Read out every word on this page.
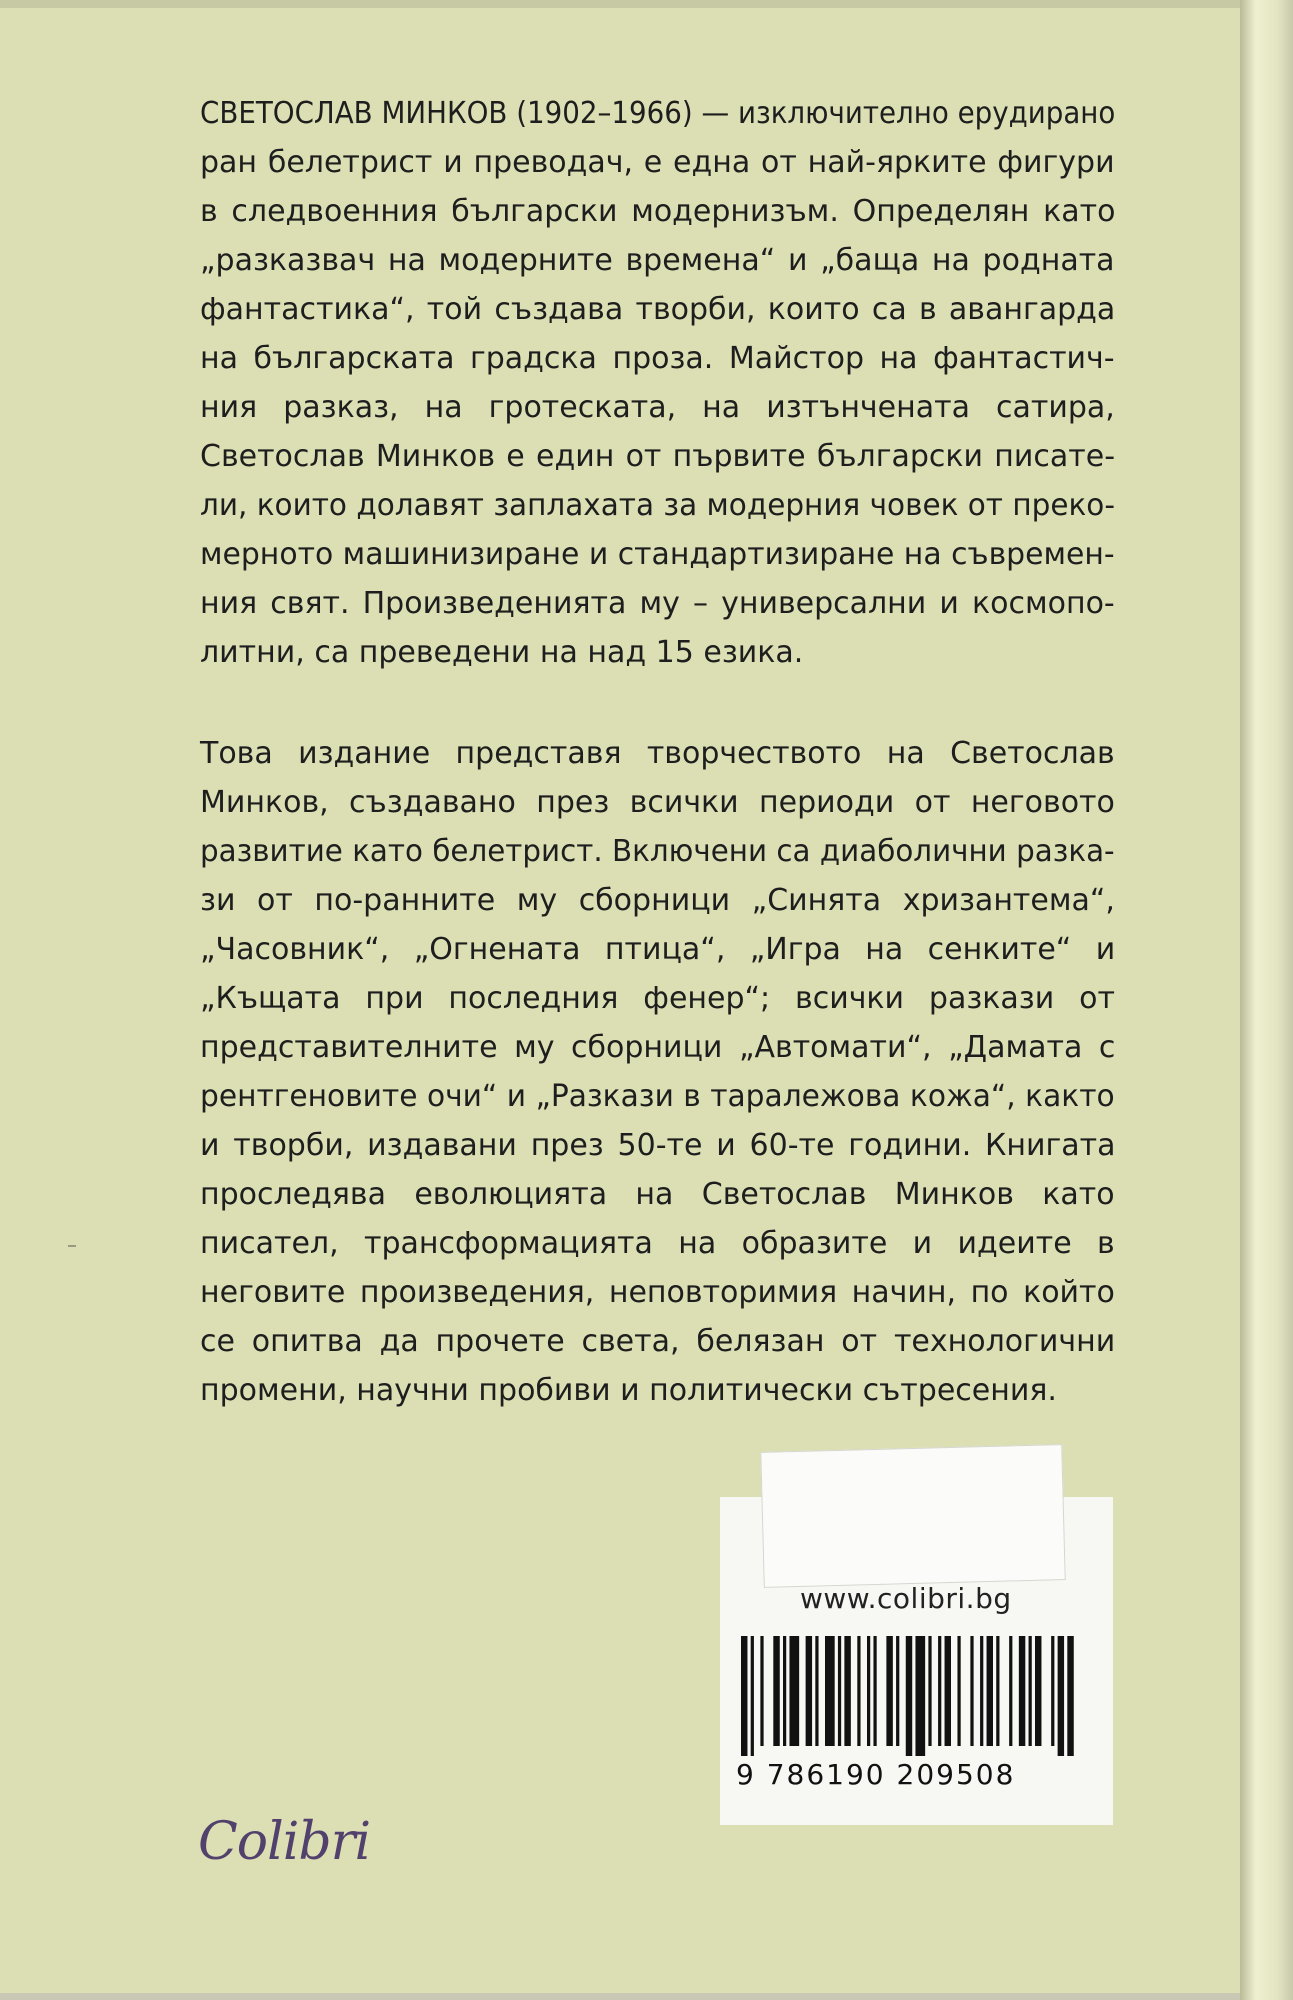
СВЕТОСЛАВ МИНКОВ (1902–1966) — изключително ерудирано
ран белетрист и преводач, е една от най-ярките фигури
в следвоенния български модернизъм. Определян като
„разказвач на модерните времена“ и „баща на родната
фантастика“, той създава творби, които са в авангарда
на българската градска проза. Майстор на фантастич-
ния разказ, на гротеската, на изтънчената сатира,
Светослав Минков е един от първите български писате-
ли, които долавят заплахата за модерния човек от преко-
мерното машинизиране и стандартизиране на съвремен-
ния свят. Произведенията му – универсални и космопо-
литни, са преведени на над 15 езика.
Това издание представя творчеството на Светослав
Минков, създавано през всички периоди от неговото
развитие като белетрист. Включени са диаболични разка-
зи от по-ранните му сборници „Синята хризантема“,
„Часовник“, „Огнената птица“, „Игра на сенките“ и
„Къщата при последния фенер“; всички разкази от
представителните му сборници „Автомати“, „Дамата с
рентгеновите очи“ и „Разкази в таралежова кожа“, както
и творби, издавани през 50-те и 60-те години. Книгата
проследява еволюцията на Светослав Минков като
писател, трансформацията на образите и идеите в
неговите произведения, неповторимия начин, по който
се опитва да прочете света, белязан от технологични
промени, научни пробиви и политически сътресения.
www.colibri.bg
9 786190 209508
Colibri
